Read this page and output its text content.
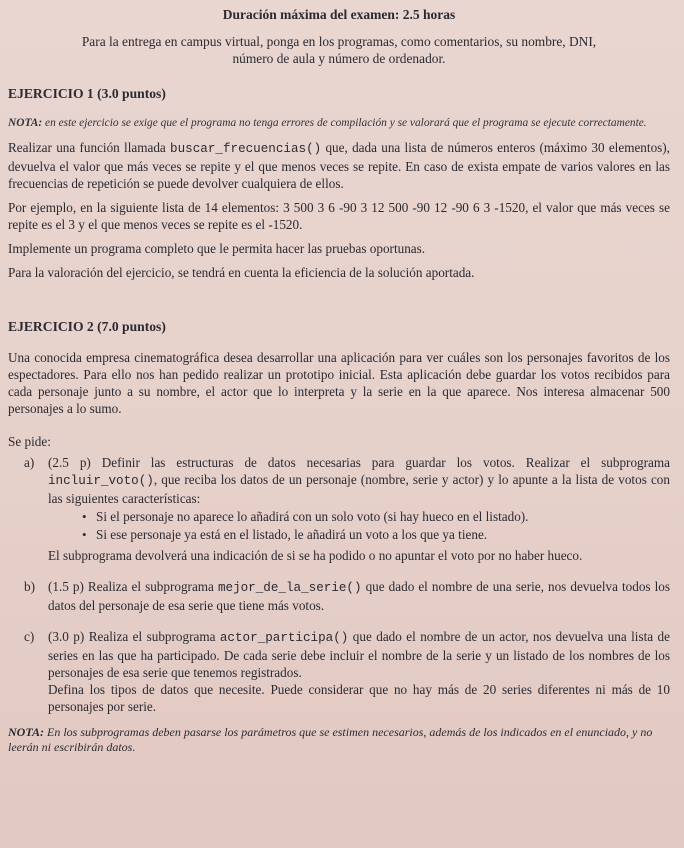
Duración máxima del examen: 2.5 horas
Para la entrega en campus virtual, ponga en los programas, como comentarios, su nombre, DNI,
número de aula y número de ordenador.
EJERCICIO 1 (3.0 puntos)
NOTA: en este ejercicio se exige que el programa no tenga errores de compilación y se valorará que el programa se ejecute correctamente.

Realizar una función llamada buscar_frecuencias() que, dada una lista de números enteros (máximo 30 elementos), devuelva el valor que más veces se repite y el que menos veces se repite. En caso de exista empate de varios valores en las frecuencias de repetición se puede devolver cualquiera de ellos.

Por ejemplo, en la siguiente lista de 14 elementos: 3 500 3 6 -90 3 12 500 -90 12 -90 6 3 -1520, el valor que más veces se repite es el 3 y el que menos veces se repite es el -1520.

Implemente un programa completo que le permita hacer las pruebas oportunas.

Para la valoración del ejercicio, se tendrá en cuenta la eficiencia de la solución aportada.

EJERCICIO 2 (7.0 puntos)

Una conocida empresa cinematográfica desea desarrollar una aplicación para ver cuáles son los personajes favoritos de los espectadores. Para ello nos han pedido realizar un prototipo inicial. Esta aplicación debe guardar los votos recibidos para cada personaje junto a su nombre, el actor que lo interpreta y la serie en la que aparece. Nos interesa almacenar 500 personajes a lo sumo.

Se pide:

a) (2.5 p) Definir las estructuras de datos necesarias para guardar los votos. Realizar el subprograma incluir_voto(), que reciba los datos de un personaje (nombre, serie y actor) y lo apunte a la lista de votos con las siguientes características:
• Si el personaje no aparece lo añadirá con un solo voto (si hay hueco en el listado).
• Si ese personaje ya está en el listado, le añadirá un voto a los que ya tiene.
El subprograma devolverá una indicación de si se ha podido o no apuntar el voto por no haber hueco.
b) (1.5 p) Realiza el subprograma mejor_de_la_serie() que dado el nombre de una serie, nos devuelva todos los datos del personaje de esa serie que tiene más votos.
c) (3.0 p) Realiza el subprograma actor_participa() que dado el nombre de un actor, nos devuelva una lista de series en las que ha participado. De cada serie debe incluir el nombre de la serie y un listado de los nombres de los personajes de esa serie que tenemos registrados.
Defina los tipos de datos que necesite. Puede considerar que no hay más de 20 series diferentes ni más de 10 personajes por serie.
NOTA: En los subprogramas deben pasarse los parámetros que se estimen necesarios, además de los indicados en el enunciado, y no leerán ni escribirán datos.
